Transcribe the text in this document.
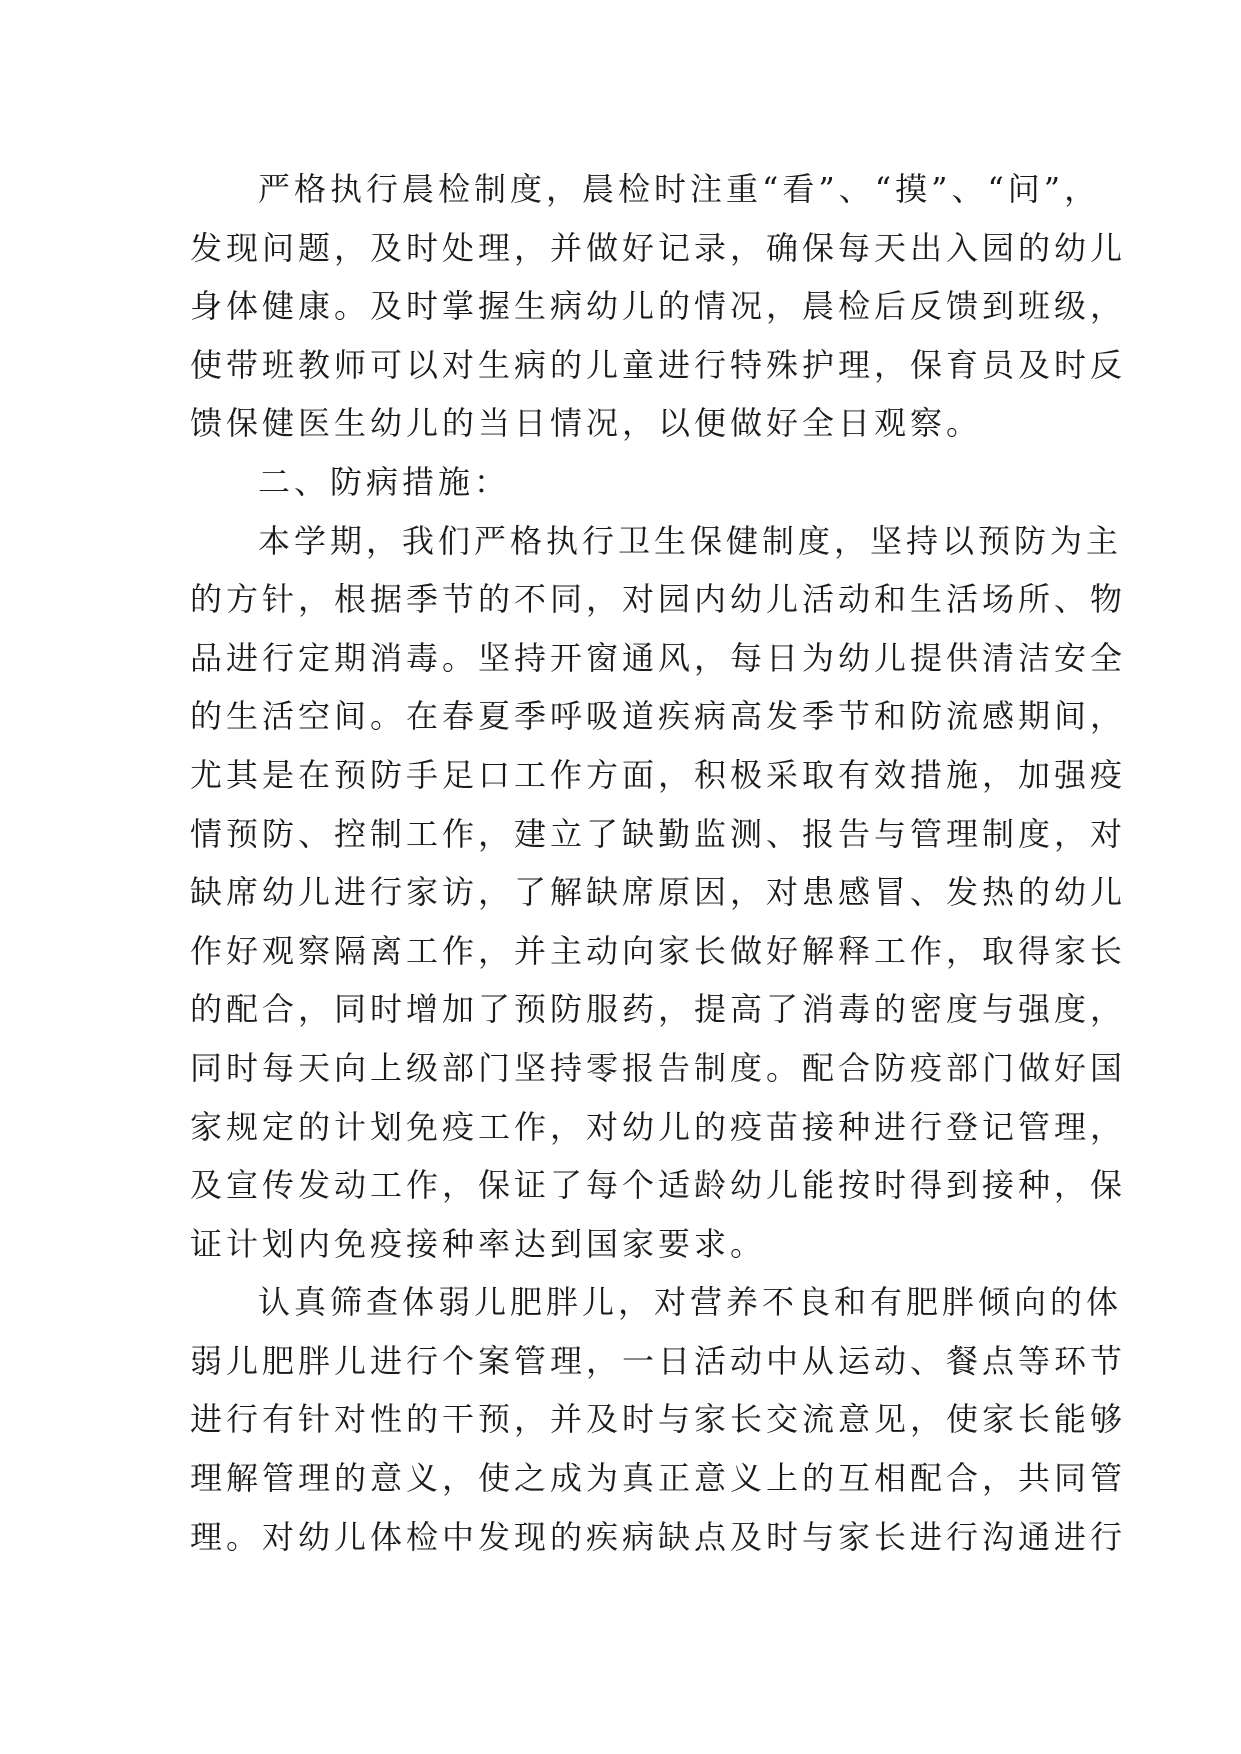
严格执行晨检制度，晨检时注重“看”、“摸”、“问”，
发现问题，及时处理，并做好记录，确保每天出入园的幼儿
身体健康。及时掌握生病幼儿的情况，晨检后反馈到班级，
使带班教师可以对生病的儿童进行特殊护理，保育员及时反
馈保健医生幼儿的当日情况，以便做好全日观察。
二、防病措施：
本学期，我们严格执行卫生保健制度，坚持以预防为主
的方针，根据季节的不同，对园内幼儿活动和生活场所、物
品进行定期消毒。坚持开窗通风，每日为幼儿提供清洁安全
的生活空间。在春夏季呼吸道疾病高发季节和防流感期间，
尤其是在预防手足口工作方面，积极采取有效措施，加强疫
情预防、控制工作，建立了缺勤监测、报告与管理制度，对
缺席幼儿进行家访，了解缺席原因，对患感冒、发热的幼儿
作好观察隔离工作，并主动向家长做好解释工作，取得家长
的配合，同时增加了预防服药，提高了消毒的密度与强度，
同时每天向上级部门坚持零报告制度。配合防疫部门做好国
家规定的计划免疫工作，对幼儿的疫苗接种进行登记管理，
及宣传发动工作，保证了每个适龄幼儿能按时得到接种，保
证计划内免疫接种率达到国家要求。
认真筛查体弱儿肥胖儿，对营养不良和有肥胖倾向的体
弱儿肥胖儿进行个案管理，一日活动中从运动、餐点等环节
进行有针对性的干预，并及时与家长交流意见，使家长能够
理解管理的意义，使之成为真正意义上的互相配合，共同管
理。对幼儿体检中发现的疾病缺点及时与家长进行沟通进行
